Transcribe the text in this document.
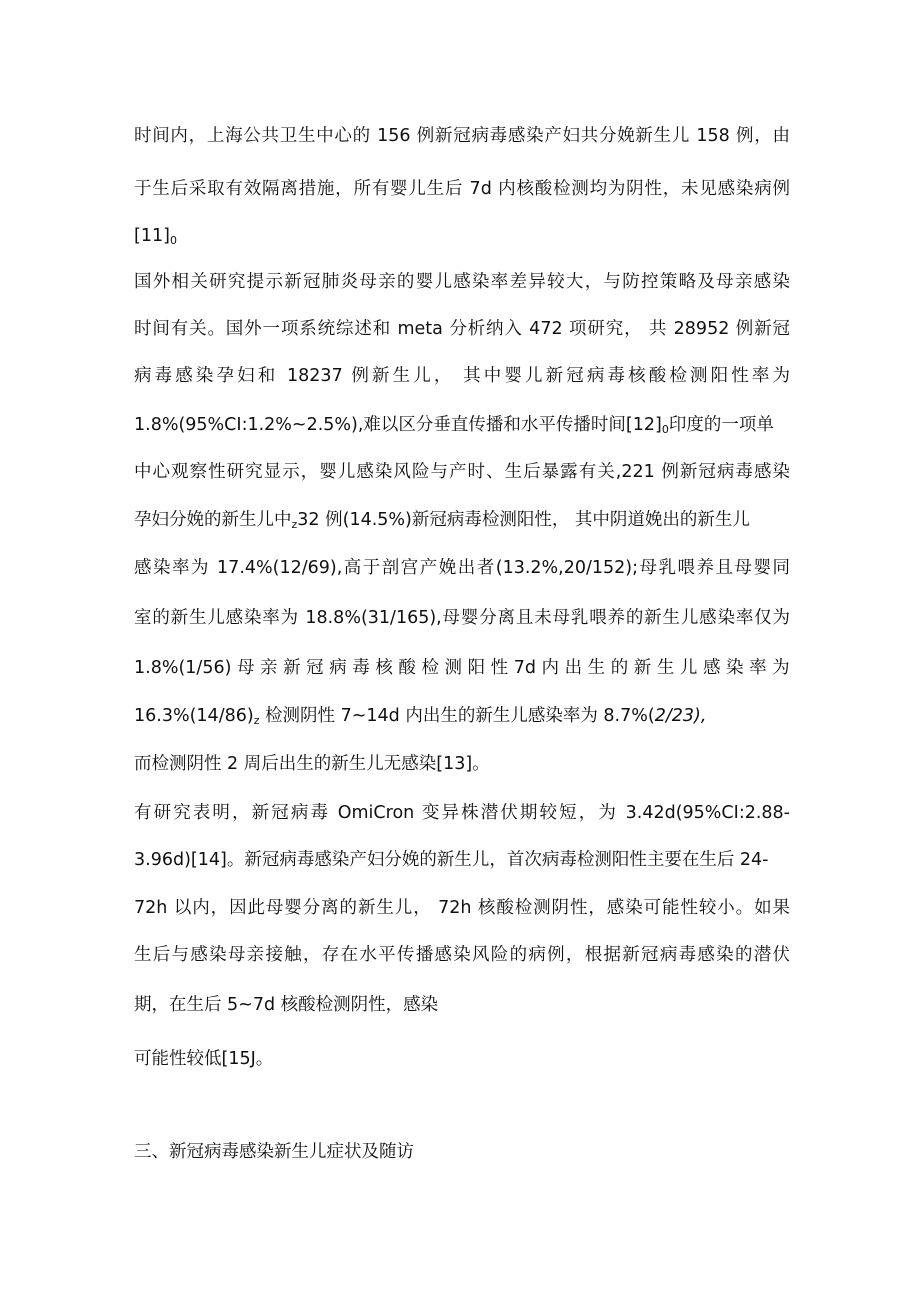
时间内，上海公共卫生中心的 156 例新冠病毒感染产妇共分娩新生儿 158 例，由
于生后采取有效隔离措施，所有婴儿生后 7d 内核酸检测均为阴性，未见感染病例
$[11]_0$
国外相关研究提示新冠肺炎母亲的婴儿感染率差异较大，与防控策略及母亲感染
时间有关。国外一项系统综述和 meta 分析纳入 472 项研究， 共 28952 例新冠
病毒感染孕妇和 18237 例新生儿， 其中婴儿新冠病毒核酸检测阳性率为
1.8%(95%CI:1.2%~2.5%),难以区分垂直传播和水平传播时间$[12]_0$印度的一项单
中心观察性研究显示，婴儿感染风险与产时、生后暴露有关,221 例新冠病毒感染
孕妇分娩的新生儿中$_z$32 例(14.5%)新冠病毒检测阳性， 其中阴道娩出的新生儿
感染率为 17.4%(12/69),高于剖宫产娩出者(13.2%,20/152);母乳喂养且母婴同
室的新生儿感染率为 18.8%(31/165),母婴分离且未母乳喂养的新生儿感染率仅为
1.8%(1/56) 母 亲 新 冠 病 毒 核 酸 检 测 阳 性 7d 内 出 生 的 新 生 儿 感 染 率 为
$16.3\%(14/86)_z$ 检测阴性 7~14d 内出生的新生儿感染率为 8.7%(2/23),
而检测阴性 2 周后出生的新生儿无感染[13]。
有研究表明，新冠病毒 OmiCron 变异株潜伏期较短，为 3.42d(95%CI:2.88-
3.96d)[14]。新冠病毒感染产妇分娩的新生儿，首次病毒检测阳性主要在生后 24-
72h 以内，因此母婴分离的新生儿， 72h 核酸检测阴性，感染可能性较小。如果
生后与感染母亲接触，存在水平传播感染风险的病例，根据新冠病毒感染的潜伏
期，在生后 5~7d 核酸检测阴性，感染
可能性较低[15J。
三、新冠病毒感染新生儿症状及随访
